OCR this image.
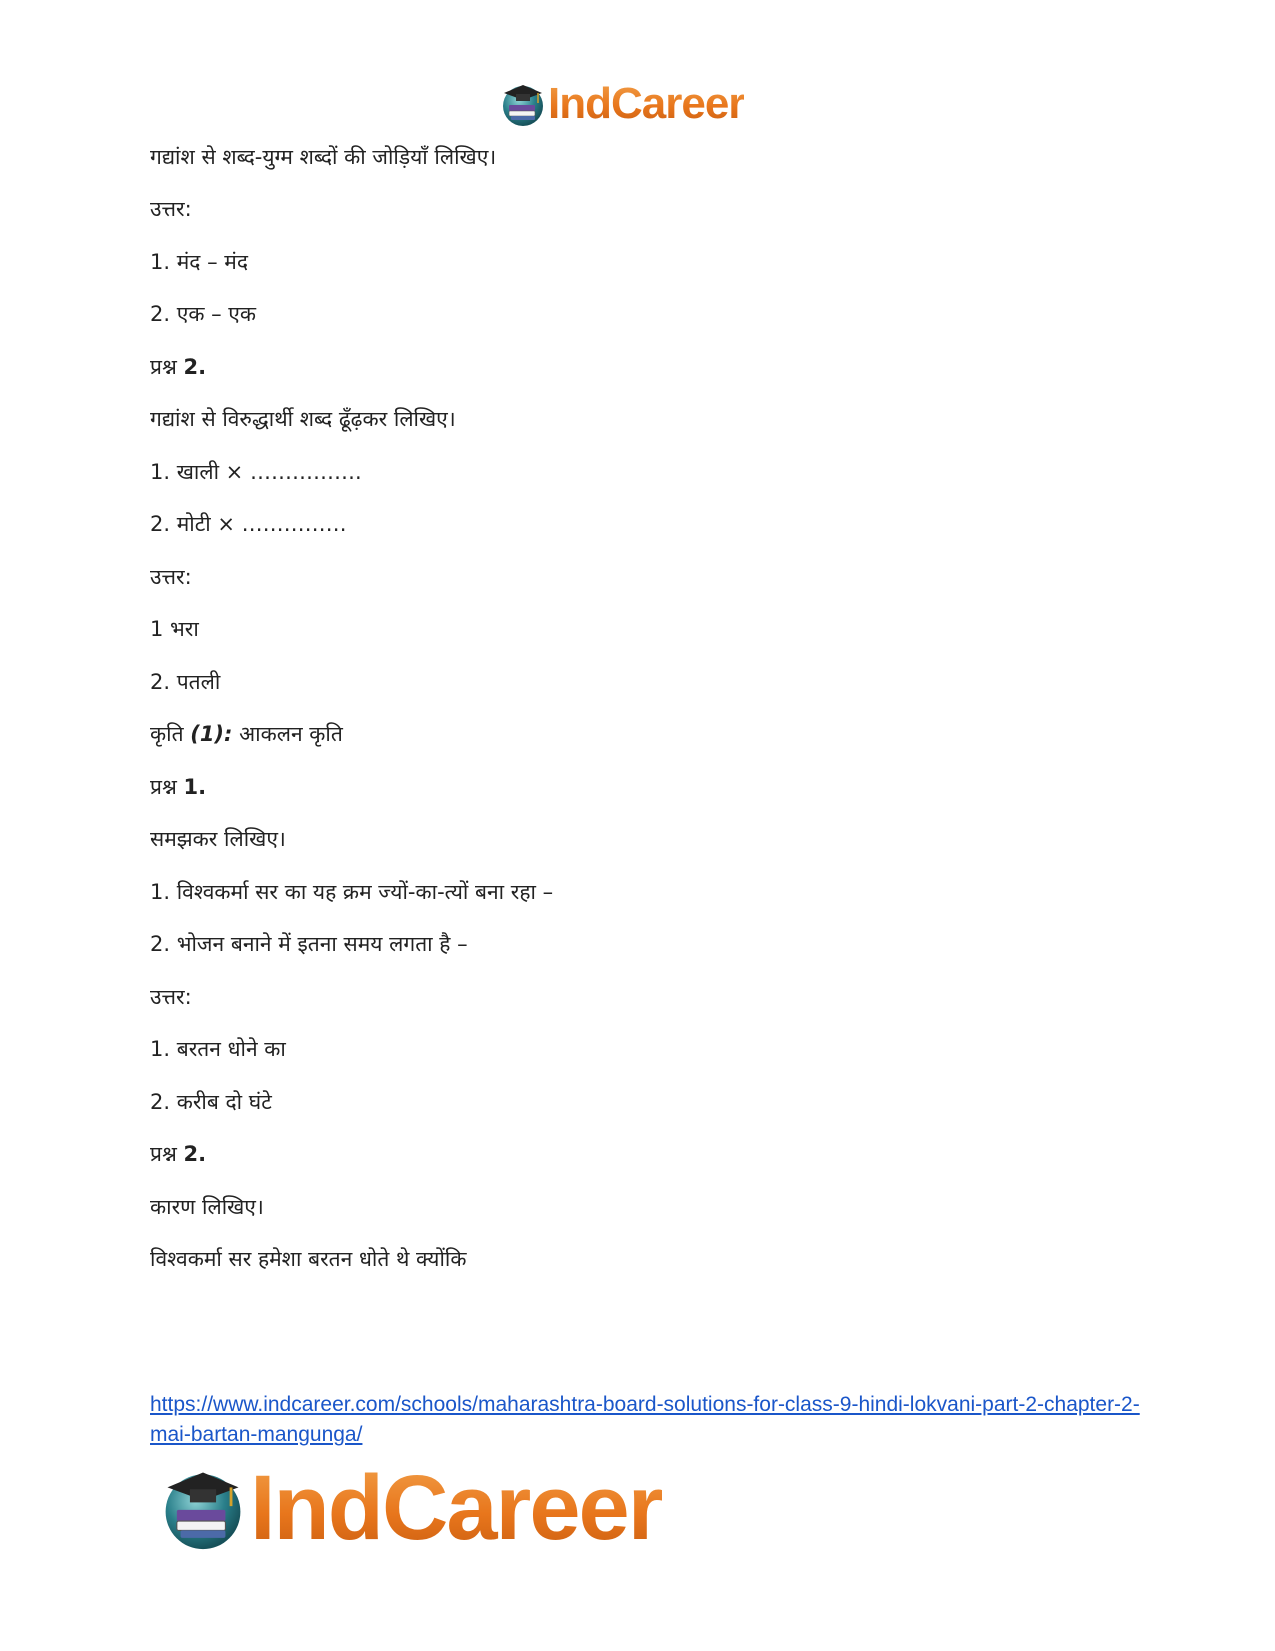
IndCareer
गद्यांश से शब्द-युग्म शब्दों की जोड़ियाँ लिखिए।
उत्तर:
1. मंद – मंद
2. एक – एक
प्रश्न 2.
गद्यांश से विरुद्धार्थी शब्द ढूँढ़कर लिखिए।
1. खाली × …………….
2. मोटी × ……………
उत्तर:
1 भरा
2. पतली
कृति (1): आकलन कृति
प्रश्न 1.
समझकर लिखिए।
1. विश्वकर्मा सर का यह क्रम ज्यों-का-त्यों बना रहा –
2. भोजन बनाने में इतना समय लगता है –
उत्तर:
1. बरतन धोने का
2. करीब दो घंटे
प्रश्न 2.
कारण लिखिए।
विश्वकर्मा सर हमेशा बरतन धोते थे क्योंकि
https://www.indcareer.com/schools/maharashtra-board-solutions-for-class-9-hindi-lokvani-part-2-chapter-2-mai-bartan-mangunga/
IndCareer
